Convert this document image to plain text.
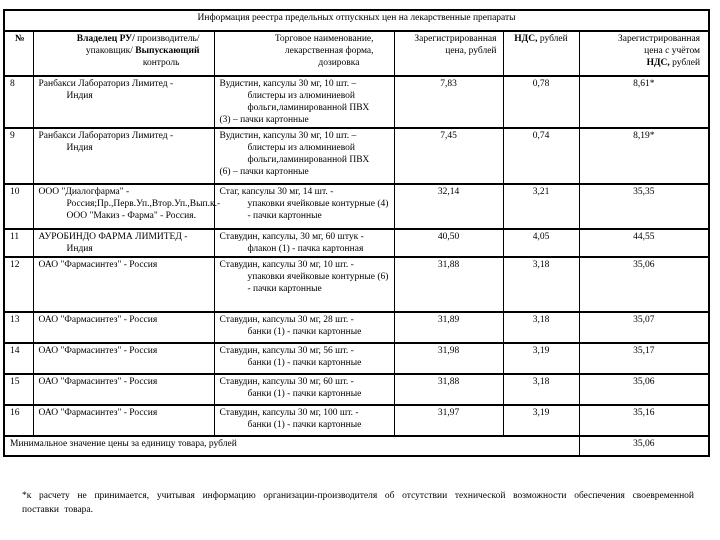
Информация реестра предельных отпускных цен на лекарственные препараты					
№	Владелец РУ/ производитель/
упаковщик/ Выпускающий
контроль	Торговое наименование,
лекарственная форма,
дозировка	Зарегистрированная цена, рублей	НДС, рублей	Зарегистрированная
цена с учётом
НДС, рублей
8	Ранбакси Лабораториз Лимитед -
Индия	Вудистин, капсулы 30 мг, 10 шт. –
блистеры из алюминиевой фольги,ламинированной ПВХ
(3) – пачки картонные	7,83	0,78	8,61*
9	Ранбакси Лабораториз Лимитед -
Индия	Вудистин, капсулы 30 мг, 10 шт. –
блистеры из алюминиевой фольги,ламинированной ПВХ
(6) – пачки картонные	7,45	0,74	8,19*
10	ООО "Диалогфарма" -
Россия;Пр.,Перв.Уп.,Втор.Уп.,Вып.к.-ООО "Макиз - Фарма" - Россия.	Стаг, капсулы 30 мг, 14 шт. -
упаковки ячейковые контурные (4) - пачки картонные	32,14	3,21	35,35
11	АУРОБИНДО ФАРМА ЛИМИТЕД -
Индия	Ставудин, капсулы, 30 мг, 60 штук -
флакон (1) - пачка картонная	40,50	4,05	44,55
12	ОАО "Фармасинтез" - Россия	Ставудин, капсулы 30 мг, 10 шт. -
упаковки ячейковые контурные (6) - пачки картонные	31,88	3,18	35,06
13	ОАО "Фармасинтез" - Россия	Ставудин, капсулы 30 мг, 28 шт. -
банки (1) - пачки картонные	31,89	3,18	35,07
14	ОАО "Фармасинтез" - Россия	Ставудин, капсулы 30 мг, 56 шт. -
банки (1) - пачки картонные	31,98	3,19	35,17
15	ОАО "Фармасинтез" - Россия	Ставудин, капсулы 30 мг, 60 шт. -
банки (1) - пачки картонные	31,88	3,18	35,06
16	ОАО "Фармасинтез" - Россия	Ставудин, капсулы 30 мг, 100 шт. -
банки (1) - пачки картонные	31,97	3,19	35,16
Минимальное значение цены за единицу товара, рублей					35,06
*к расчету не принимается, учитывая информацию организации-производителя об отсутствии технической возможности обеспечения своевременной поставки товара.
